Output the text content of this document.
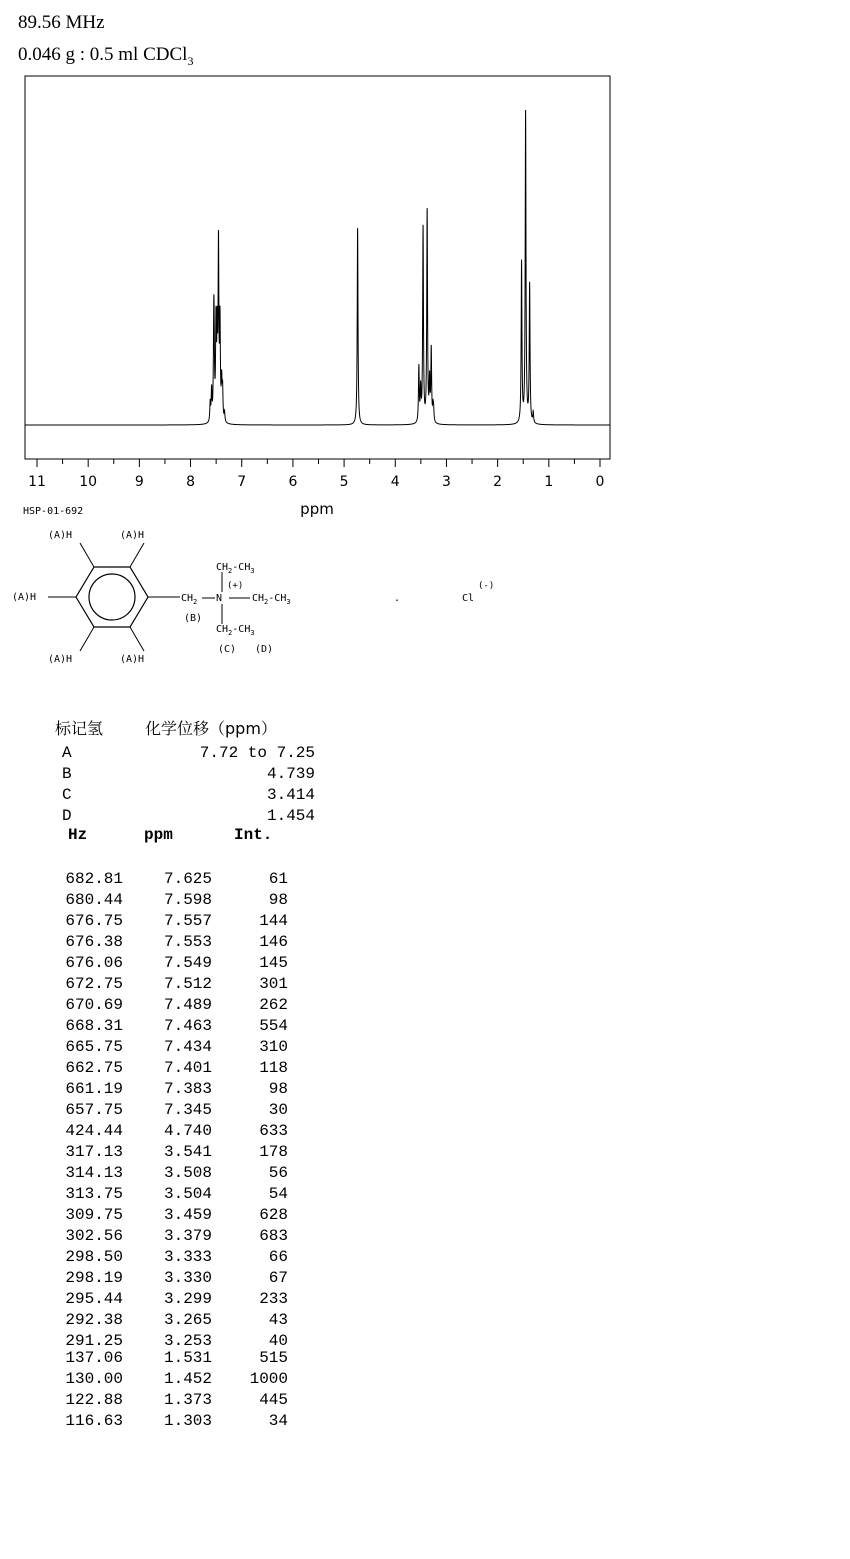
89.56 MHz
0.046 g : 0.5 ml CDCl$_3$
11 10	9	8	7	6	5	4	3	2	1	0
ppm
HSP-01-692
(A)H	(A)H
(A)H
(A)H	(A)H
$CH_2$
(B)
N
(+)
$CH_2-CH_3$
$CH_2-CH_3$
$CH_2-CH_3$
(C) (D)
.	Cl
(-)
标记氢	化学位移（ppm）
A	7.72 to 7.25
B	4.739
C	3.414
D	1.454
Hz	ppm	Int.
682.81	7.625	61
680.44	7.598	98
676.75	7.557	144
676.38	7.553	146
676.06	7.549	145
672.75	7.512	301
670.69	7.489	262
668.31	7.463	554
665.75	7.434	310
662.75	7.401	118
661.19	7.383	98
657.75	7.345	30
424.44	4.740	633
317.13	3.541	178
314.13	3.508	56
313.75	3.504	54
309.75	3.459	628
302.56	3.379	683
298.50	3.333	66
298.19	3.330	67
295.44	3.299	233
292.38	3.265	43
291.25	3.253	40
137.06	1.531	515
130.00	1.452 1000
122.88	1.373	445
116.63	1.303	34
